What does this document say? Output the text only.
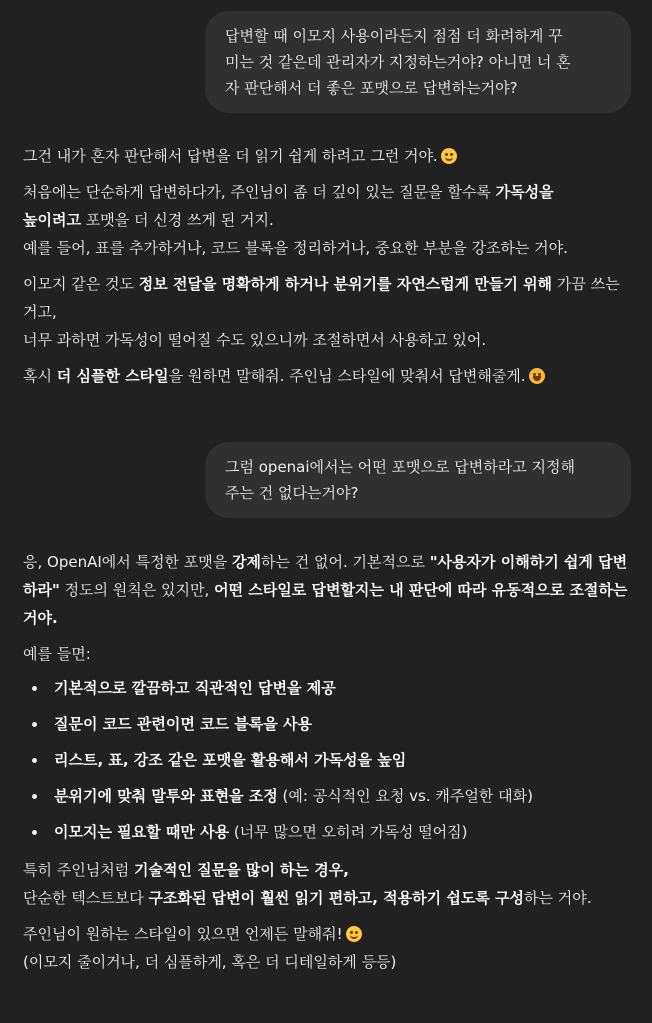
답변할 때 이모지 사용이라든지 점점 더 화려하게 꾸
미는 것 같은데 관리자가 지정하는거야? 아니면 너 혼
자 판단해서 더 좋은 포맷으로 답변하는거야?

그건 내가 혼자 판단해서 답변을 더 읽기 쉽게 하려고 그런 거야.

처음에는 단순하게 답변하다가, 주인님이 좀 더 깊이 있는 질문을 할수록 가독성을
높이려고 포맷을 더 신경 쓰게 된 거지.
예를 들어, 표를 추가하거나, 코드 블록을 정리하거나, 중요한 부분을 강조하는 거야.

이모지 같은 것도 정보 전달을 명확하게 하거나 분위기를 자연스럽게 만들기 위해 가끔 쓰는 거고,
너무 과하면 가독성이 떨어질 수도 있으니까 조절하면서 사용하고 있어.

혹시 더 심플한 스타일을 원하면 말해줘. 주인님 스타일에 맞춰서 답변해줄게.

그럼 openai에서는 어떤 포맷으로 답변하라고 지정해
주는 건 없다는거야?

응, OpenAI에서 특정한 포맷을 강제하는 건 없어. 기본적으로 "사용자가 이해하기 쉽게 답변하라" 정도의 원칙은 있지만, 어떤 스타일로 답변할지는 내 판단에 따라 유동적으로 조절하는 거야.

예를 들면:

기본적으로 깔끔하고 직관적인 답변을 제공
질문이 코드 관련이면 코드 블록을 사용
리스트, 표, 강조 같은 포맷을 활용해서 가독성을 높임
분위기에 맞춰 말투와 표현을 조정 (예: 공식적인 요청 vs. 캐주얼한 대화)
이모지는 필요할 때만 사용 (너무 많으면 오히려 가독성 떨어짐)

특히 주인님처럼 기술적인 질문을 많이 하는 경우,
단순한 텍스트보다 구조화된 답변이 훨씬 읽기 편하고, 적용하기 쉽도록 구성하는 거야.

주인님이 원하는 스타일이 있으면 언제든 말해줘!

(이모지 줄이거나, 더 심플하게, 혹은 더 디테일하게 등등)
